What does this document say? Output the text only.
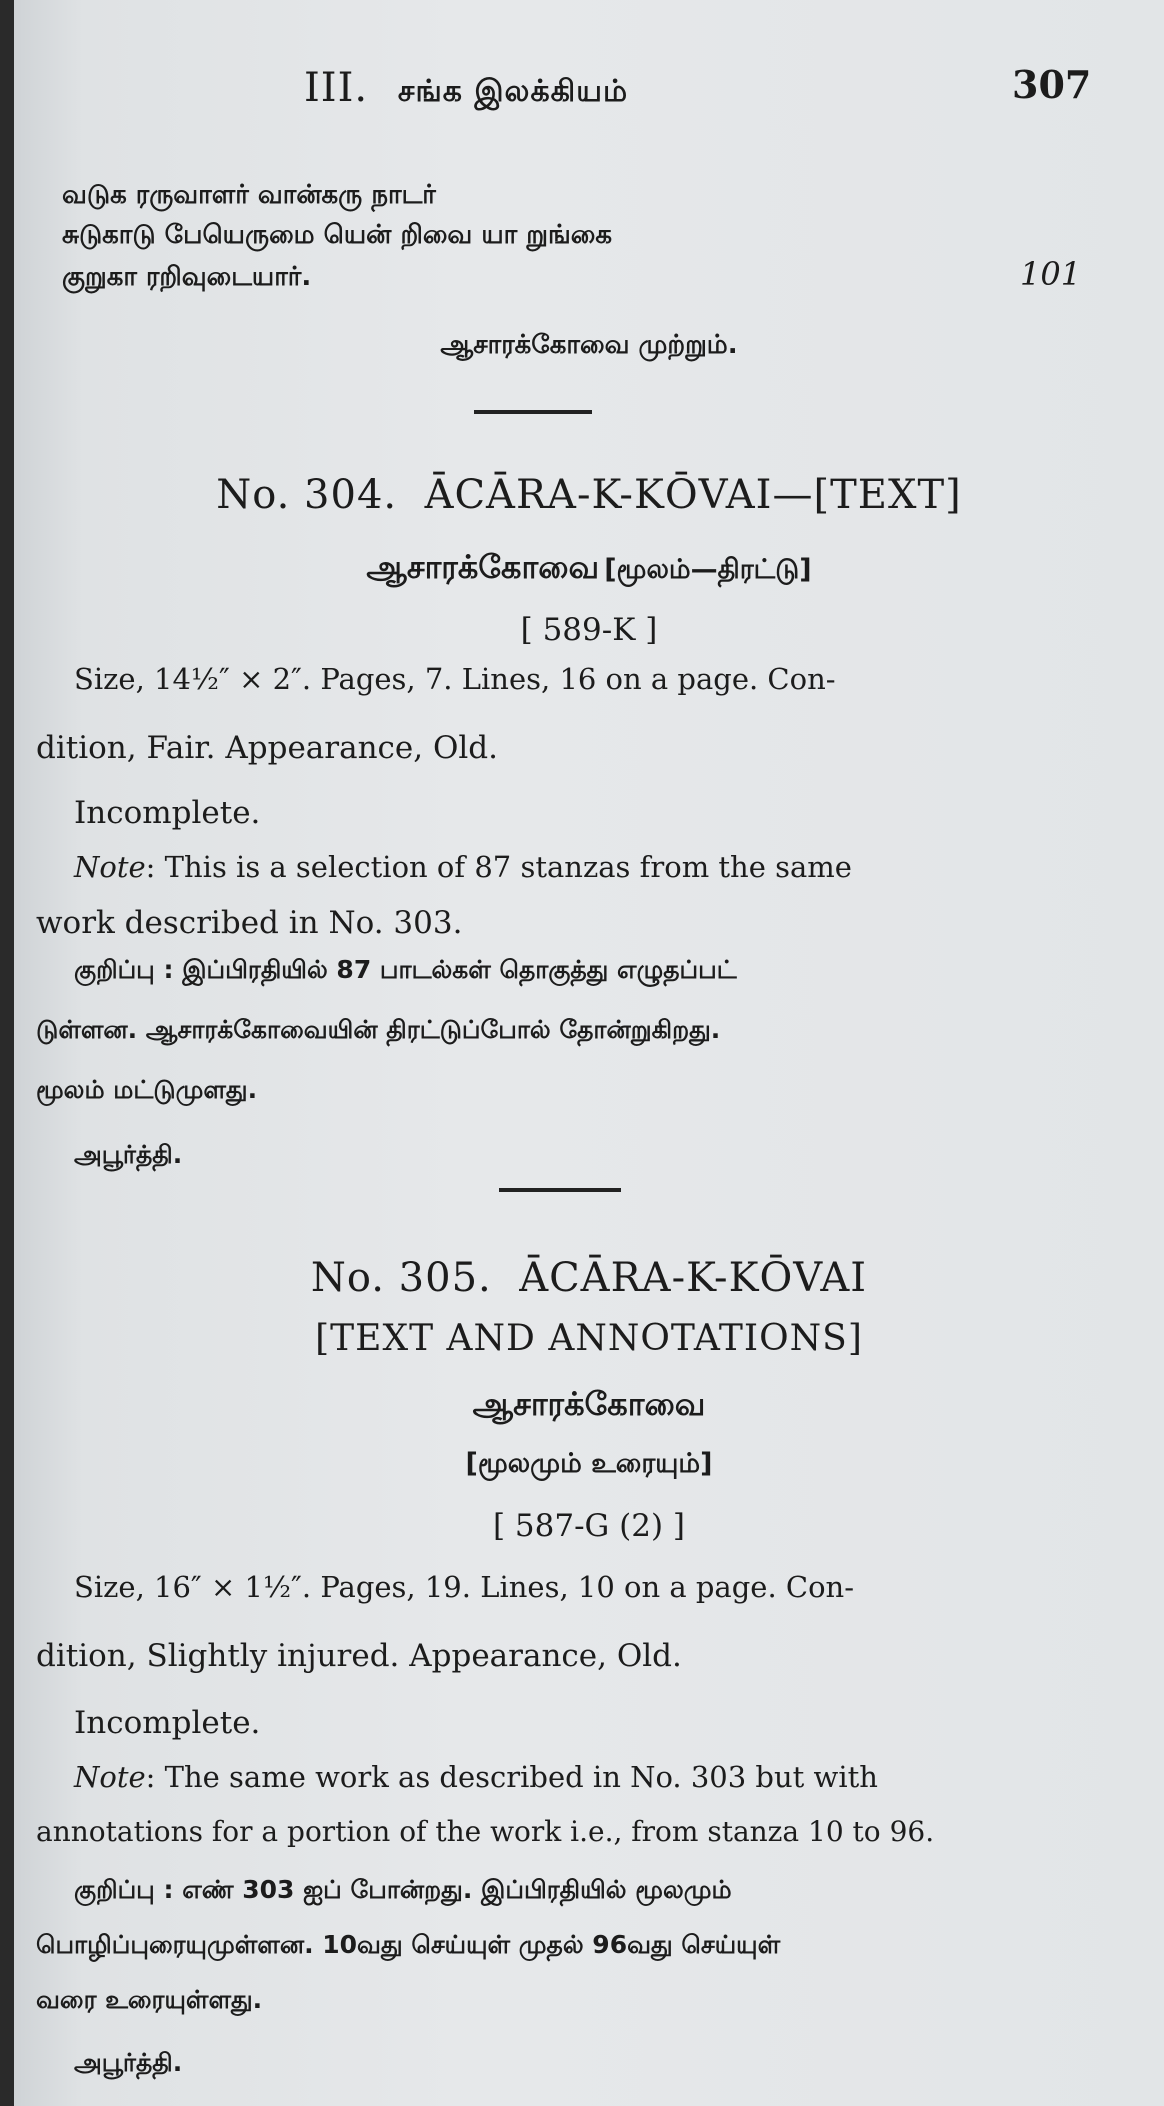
III. சங்க இலக்கியம்	307
வடுக ரருவாளர் வான்கரு நாடர்
சுடுகாடு பேயெருமை யென் றிவை யா றுங்கை
குறுகா ரறிவுடையார்.	101
ஆசாரக்கோவை முற்றும்.
No. 304. ĀCĀRA-K-KŌVAI—[TEXT]
ஆசாரக்கோவை [மூலம்—திரட்டு]
[ 589-K ]
Size, 14½″ × 2″. Pages, 7. Lines, 16 on a page. Con-
dition, Fair. Appearance, Old.
Incomplete.
Note: This is a selection of 87 stanzas from the same
work described in No. 303.
குறிப்பு : இப்பிரதியில் 87 பாடல்கள் தொகுத்து எழுதப்பட்
டுள்ளன. ஆசாரக்கோவையின் திரட்டுப்போல் தோன்றுகிறது.
மூலம் மட்டுமுளது.
அபூர்த்தி.
No. 305. ĀCĀRA-K-KŌVAI
[TEXT AND ANNOTATIONS]
ஆசாரக்கோவை
[மூலமும் உரையும்]
[ 587-G (2) ]
Size, 16″ × 1½″. Pages, 19. Lines, 10 on a page. Con-
dition, Slightly injured. Appearance, Old.
Incomplete.
Note: The same work as described in No. 303 but with
annotations for a portion of the work i.e., from stanza 10 to 96.
குறிப்பு : எண் 303 ஐப் போன்றது. இப்பிரதியில் மூலமும்
பொழிப்புரையுமுள்ளன. 10வது செய்யுள் முதல் 96வது செய்யுள்
வரை உரையுள்ளது.
அபூர்த்தி.
